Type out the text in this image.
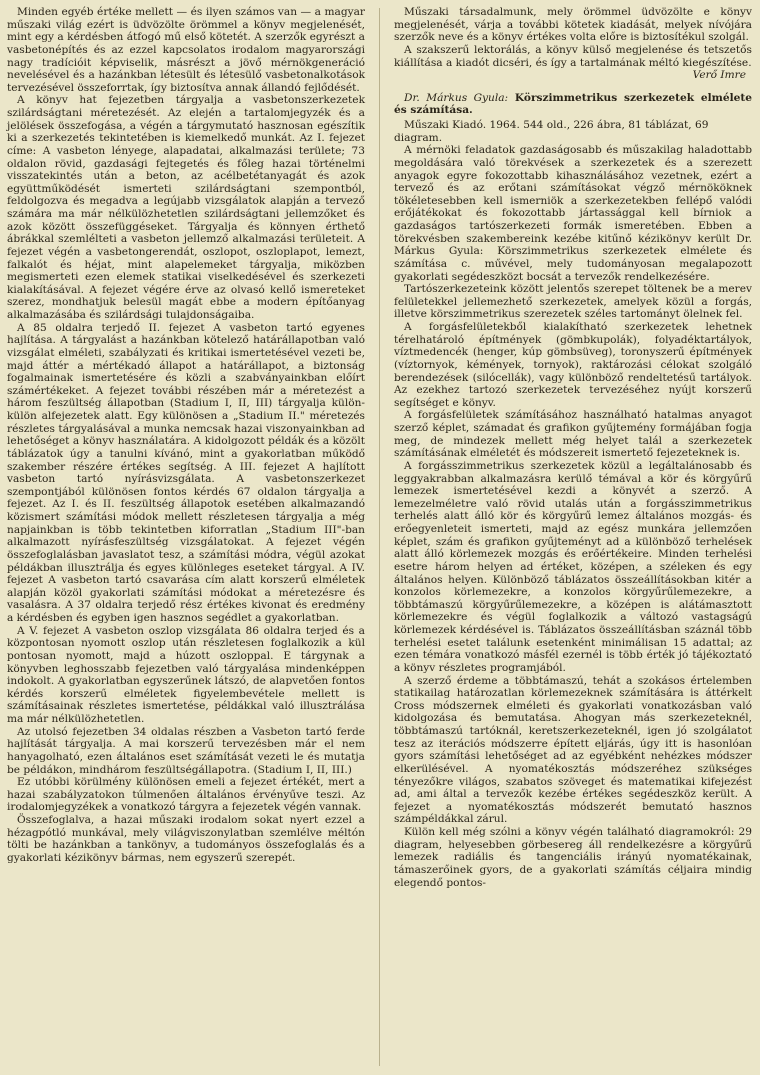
Minden egyéb értéke mellett — és ilyen számos van — a magyar műszaki világ ezért is üdvözölte örömmel a könyv megjelenését, mint egy a kérdésben átfogó mű első kötetét. A szerzők egyrészt a vasbetonépítés és az ezzel kapcsolatos irodalom magyarországi nagy tradícióit képviselik, másrészt a jövő mérnökgeneráció nevelésével és a hazánkban létesült és létesülő vasbetonalkotások tervezésével összeforrtak, így biztosítva annak állandó fejlődését.

A könyv hat fejezetben tárgyalja a vasbetonszerkezetek szilárdságtani méretezését. Az elején a tartalomjegyzék és a jelölések összefogása, a végén a tárgymutató hasznosan egészítik ki a szerkezetés tekintetében is kiemelkedő munkát. Az I. fejezet címe: A vasbeton lényege, alapadatai, alkalmazási területe; 73 oldalon rövid, gazdasági fejtegetés és főleg hazai történelmi visszatekintés után a beton, az acélbetétanyagát és azok együttműködését ismerteti szilárdságtani szempontból, feldolgozva és megadva a legújabb vizsgálatok alapján a tervező számára ma már nélkülözhetetlen szilárdságtani jellemzőket és azok között összefüggéseket. Tárgyalja és könnyen érthető ábrákkal szemlélteti a vasbeton jellemző alkalmazási területeit. A fejezet végén a vasbetongerendát, oszlopot, oszloplapot, lemezt, falkalót és héjat, mint alapelemeket tárgyalja, miközben megismerteti ezen elemek statikai viselkedésével és szerkezeti kialakításával. A fejezet végére érve az olvasó kellő ismereteket szerez, mondhatjuk belesül magát ebbe a modern építőanyag alkalmazásába és szilárdsági tulajdonságaiba.

A 85 oldalra terjedő II. fejezet A vasbeton tartó egyenes hajlítása. A tárgyalást a hazánkban kötelező határállapotban való vizsgálat elméleti, szabályzati és kritikai ismertetésével vezeti be, majd áttér a mértékadó állapot a határállapot, a biztonság fogalmainak ismertetésére és közli a szabványainkban előírt számértékeket. A fejezet további részében már a méretezést a három feszültség állapotban (Stadium I, II, III) tárgyalja külön-külön alfejezetek alatt. Egy különösen a „Stadium II." méretezés részletes tárgyalásával a munka nemcsak hazai viszonyainkban ad lehetőséget a könyv használatára. A kidolgozott példák és a közölt táblázatok úgy a tanulni kívánó, mint a gyakorlatban működő szakember részére értékes segítség. A III. fejezet A hajlított vasbeton tartó nyírásvizsgálata. A vasbetonszerkezet szempontjából különösen fontos kérdés 67 oldalon tárgyalja a fejezet. Az I. és II. feszültség állapotok esetében alkalmazandó közismert számítási módok mellett részletesen tárgyalja a még napjainkban is több tekintetben kiforratlan „Stadium III"-ban alkalmazott nyírásfeszültség vizsgálatokat. A fejezet végén összefoglalásban javaslatot tesz, a számítási módra, végül azokat példákban illusztrálja és egyes különleges eseteket tárgyal. A IV. fejezet A vasbeton tartó csavarása cím alatt korszerű elméletek alapján közöl gyakorlati számítási módokat a méretezésre és vasalásra. A 37 oldalra terjedő rész értékes kivonat és eredmény a kérdésben és egyben igen hasznos segédlet a gyakorlatban.

A V. fejezet A vasbeton oszlop vizsgálata 86 oldalra terjed és a központosan nyomott oszlop után részletesen foglalkozik a kül pontosan nyomott, majd a húzott oszloppal. E tárgynak a könyvben leghosszabb fejezetben való tárgyalása mindenképpen indokolt. A gyakorlatban egyszerűnek látszó, de alapvetően fontos kérdés korszerű elméletek figyelembevétele mellett is számításainak részletes ismertetése, példákkal való illusztrálása ma már nélkülözhetetlen.

Az utolsó fejezetben 34 oldalas részben a Vasbeton tartó ferde hajlítását tárgyalja. A mai korszerű tervezésben már el nem hanyagolható, ezen általános eset számítását vezeti le és mutatja be példákon, mindhárom feszültségállapotra. (Stadium I, II, III.)

Ez utóbbi körülmény különösen emeli a fejezet értékét, mert a hazai szabályzatokon túlmenően általános érvényűve teszi. Az irodalomjegyzékek a vonatkozó tárgyra a fejezetek végén vannak.

Összefoglalva, a hazai műszaki irodalom sokat nyert ezzel a hézagpótló munkával, mely világviszonylatban szemlélve méltón tölti be hazánkban a tankönyv, a tudományos összefoglalás és a gyakorlati kézikönyv bármas, nem egyszerű szerepét.

Műszaki társadalmunk, mely örömmel üdvözölte e könyv megjelenését, várja a további kötetek kiadását, melyek nívójára szerzők neve és a könyv értékes volta előre is biztosítékul szolgál.

A szakszerű lektorálás, a könyv külső megjelenése és tetszetős kiállítása a kiadót dicséri, és így a tartalmának méltó kiegészítése.

Verő Imre

Dr. Márkus Gyula: Körszimmetrikus szerkezetek elmélete és számítása.

Műszaki Kiadó. 1964. 544 old., 226 ábra, 81 táblázat, 69 diagram.

A mérnöki feladatok gazdaságosabb és műszakilag haladottabb megoldására való törekvések a szerkezetek és a szerezett anyagok egyre fokozottabb kihasználásához vezetnek, ezért a tervező és az erőtani számításokat végző mérnököknek tökéletesebben kell ismerniök a szerkezetekben fellépő valódi erőjátékokat és fokozottabb jártassággal kell bírniok a gazdaságos tartószerkezeti formák ismeretében. Ebben a törekvésben szakembereink kezébe kitűnő kézikönyv került Dr. Márkus Gyula: Körszimmetrikus szerkezetek elmélete és számítása c. művével, mely tudományosan megalapozott gyakorlati segédeszközt bocsát a tervezők rendelkezésére.

Tartószerkezeteink között jelentős szerepet töltenek be a merev felületekkel jellemezhető szerkezetek, amelyek közül a forgás, illetve körszimmetrikus szerezetek széles tartományt ölelnek fel.

A forgásfelületekből kialakítható szerkezetek lehetnek térelhatároló építmények (gömbkupolák), folyadéktartályok, víztmedencék (henger, kúp gömbsüveg), toronyszerű építmények (víztornyok, kémények, tornyok), raktározási célokat szolgáló berendezések (silócellák), vagy különböző rendeltetésű tartályok. Az ezekhez tartozó szerkezetek tervezéséhez nyújt korszerű segítséget e könyv.

A forgásfelületek számításához használható hatalmas anyagot szerző képlet, számadat és grafikon gyűjtemény formájában fogja meg, de mindezek mellett még helyet talál a szerkezetek számításának elméletét és módszereit ismertető fejezeteknek is.

A forgásszimmetrikus szerkezetek közül a legáltalánosabb és leggyakrabban alkalmazásra kerülő témával a kör és körgyűrű lemezek ismertetésével kezdi a könyvét a szerző. A lemezelméletre való rövid utalás után a forgásszimmetrikus terhelés alatt álló kör és körgyűrű lemez általános mozgás- és erőegyenleteit ismerteti, majd az egész munkára jellemzően képlet, szám és grafikon gyűjteményt ad a különböző terhelések alatt álló körlemezek mozgás és erőértékeire. Minden terhelési esetre három helyen ad értéket, középen, a széleken és egy általános helyen. Különböző táblázatos összeállításokban kitér a konzolos körlemezekre, a konzolos körgyűrűlemezekre, a többtámaszú körgyűrűlemezekre, a középen is alátámasztott körlemezekre és végül foglalkozik a változó vastagságú körlemezek kérdésével is. Táblázatos összeállításban száznál több terhelési esetet találunk esetenként minimálisan 15 adattal; az ezen témára vonatkozó másfél ezernél is több érték jó tájékoztató a könyv részletes programjából.

A szerző érdeme a többtámaszú, tehát a szokásos értelemben statikailag határozatlan körlemezeknek számítására is áttérkelt Cross módszernek elméleti és gyakorlati vonatkozásban való kidolgozása és bemutatása. Ahogyan más szerkezeteknél, többtámaszú tartóknál, keretszerkezeteknél, igen jó szolgálatot tesz az iterációs módszerre épített eljárás, úgy itt is hasonlóan gyors számítási lehetőséget ad az egyébként nehézkes módszer elkerülésével. A nyomatékosztás módszeréhez szükséges tényezőkre világos, szabatos szöveget és matematikai kifejezést ad, ami által a tervezők kezébe értékes segédeszköz került. A fejezet a nyomatékosztás módszerét bemutató hasznos számpéldákkal zárul.

Külön kell még szólni a könyv végén található diagramokról: 29 diagram, helyesebben görbesereg áll rendelkezésre a körgyűrű lemezek radiális és tangenciális irányú nyomatékainak, támaszerőinek gyors, de a gyakorlati számítás céljaira mindig elegendő pontos-
